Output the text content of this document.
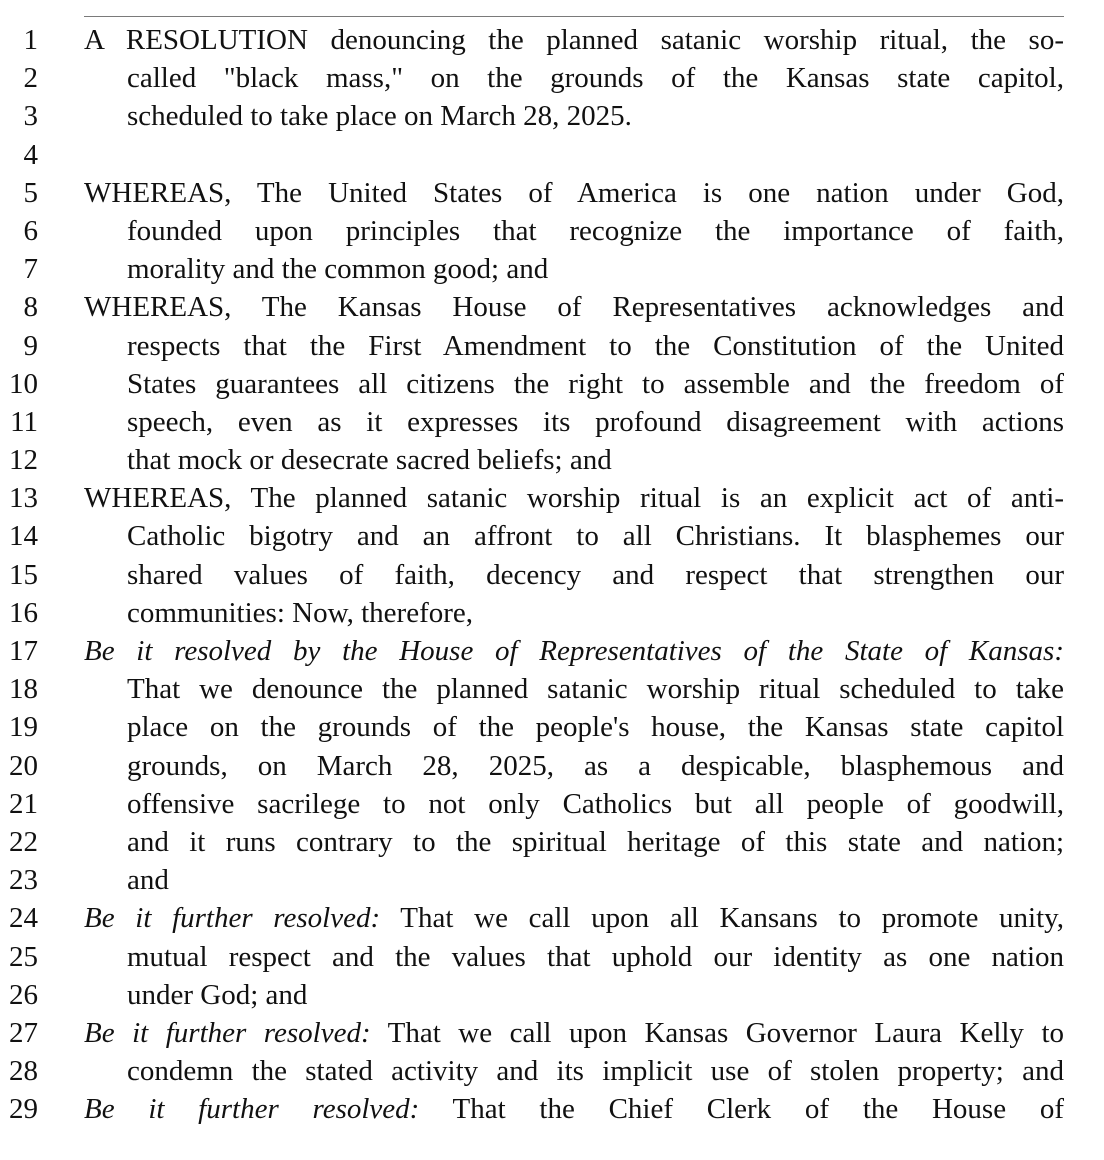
1 A RESOLUTION denouncing the planned satanic worship ritual, the so-
2	called "black mass," on the grounds of the Kansas state capitol,
3	scheduled to take place on March 28, 2025.
4
5 WHEREAS, The United States of America is one nation under God,
6	founded upon principles that recognize the importance of faith,
7	morality and the common good; and
8 WHEREAS, The Kansas House of Representatives acknowledges and
9	respects that the First Amendment to the Constitution of the United
10	States guarantees all citizens the right to assemble and the freedom of
11	speech, even as it expresses its profound disagreement with actions
12	that mock or desecrate sacred beliefs; and
13 WHEREAS, The planned satanic worship ritual is an explicit act of anti-
14	Catholic bigotry and an affront to all Christians. It blasphemes our
15	shared values of faith, decency and respect that strengthen our
16	communities: Now, therefore,
17 Be it resolved by the House of Representatives of the State of Kansas:
18	That we denounce the planned satanic worship ritual scheduled to take
19	place on the grounds of the people's house, the Kansas state capitol
20	grounds, on March 28, 2025, as a despicable, blasphemous and
21	offensive sacrilege to not only Catholics but all people of goodwill,
22	and it runs contrary to the spiritual heritage of this state and nation;
23	and
24 Be it further resolved: That we call upon all Kansans to promote unity,
25	mutual respect and the values that uphold our identity as one nation
26	under God; and
27 Be it further resolved: That we call upon Kansas Governor Laura Kelly to
28	condemn the stated activity and its implicit use of stolen property; and
29 Be it further resolved: That the Chief Clerk of the House of
